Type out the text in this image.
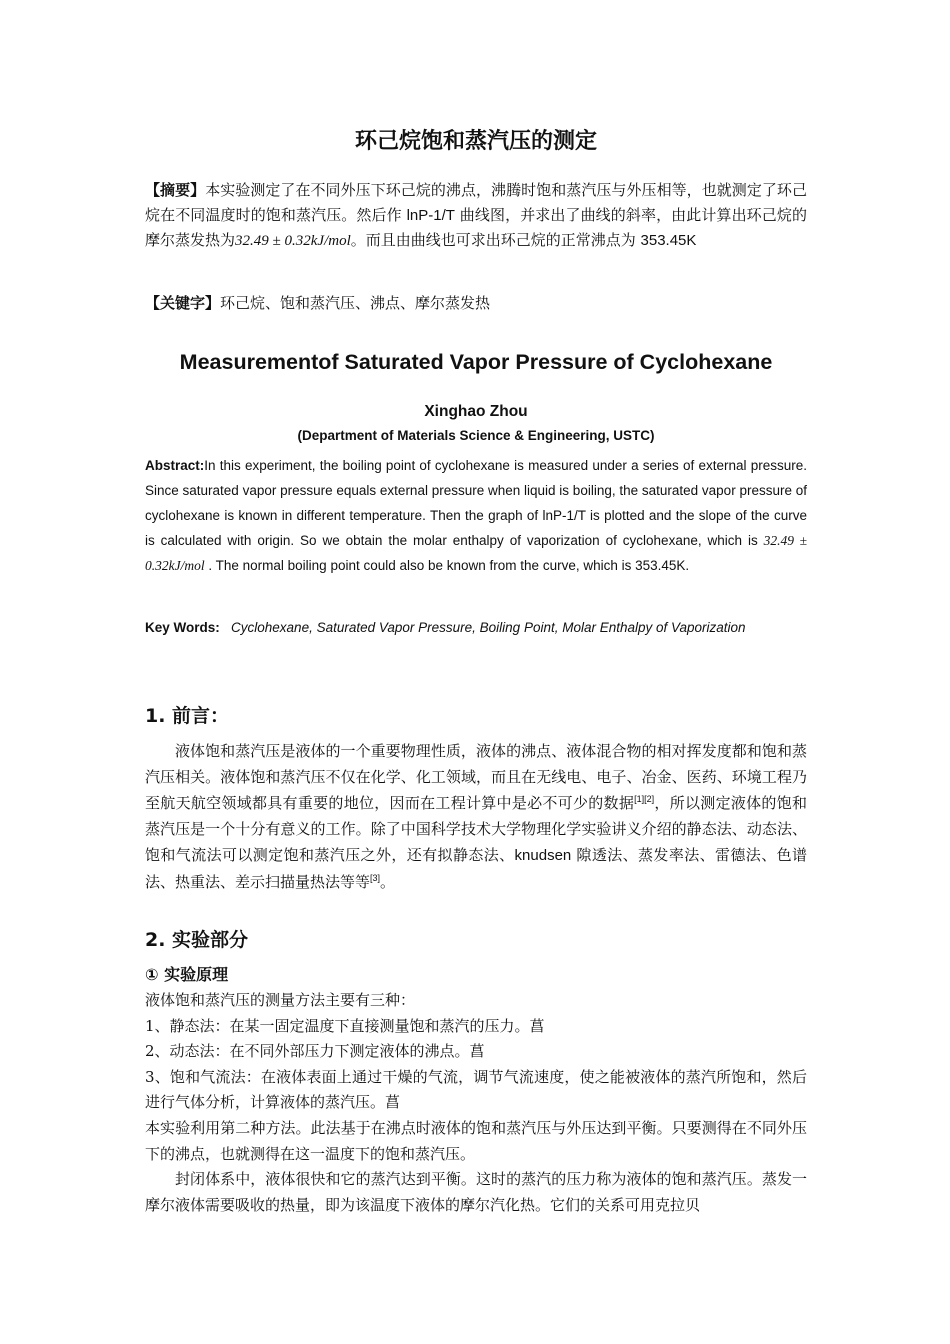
环己烷饱和蒸汽压的测定
【摘要】本实验测定了在不同外压下环己烷的沸点，沸腾时饱和蒸汽压与外压相等，也就测定了环己烷在不同温度时的饱和蒸汽压。然后作 lnP-1/T 曲线图，并求出了曲线的斜率，由此计算出环己烷的摩尔蒸发热为32.49 ± 0.32kJ/mol。而且由曲线也可求出环己烷的正常沸点为 353.45K
【关键字】环己烷、饱和蒸汽压、沸点、摩尔蒸发热
Measurementof Saturated Vapor Pressure of Cyclohexane
Xinghao Zhou
(Department of Materials Science & Engineering, USTC)
Abstract:In this experiment, the boiling point of cyclohexane is measured under a series of external pressure. Since saturated vapor pressure equals external pressure when liquid is boiling, the saturated vapor pressure of cyclohexane is known in different temperature. Then the graph of lnP-1/T is plotted and the slope of the curve is calculated with origin. So we obtain the molar enthalpy of vaporization of cyclohexane, which is 32.49 ± 0.32kJ/mol . The normal boiling point could also be known from the curve, which is 353.45K.
Key Words: Cyclohexane, Saturated Vapor Pressure, Boiling Point, Molar Enthalpy of Vaporization
1. 前言：
液体饱和蒸汽压是液体的一个重要物理性质，液体的沸点、液体混合物的相对挥发度都和饱和蒸汽压相关。液体饱和蒸汽压不仅在化学、化工领域，而且在无线电、电子、冶金、医药、环境工程乃至航天航空领域都具有重要的地位，因而在工程计算中是必不可少的数据[1][2]，所以测定液体的饱和蒸汽压是一个十分有意义的工作。除了中国科学技术大学物理化学实验讲义介绍的静态法、动态法、饱和气流法可以测定饱和蒸汽压之外，还有拟静态法、knudsen 隙透法、蒸发率法、雷德法、色谱法、热重法、差示扫描量热法等等[3]。
2. 实验部分
① 实验原理
液体饱和蒸汽压的测量方法主要有三种：
1、静态法：在某一固定温度下直接测量饱和蒸汽的压力。菖
2、动态法：在不同外部压力下测定液体的沸点。菖
3、饱和气流法：在液体表面上通过干燥的气流，调节气流速度，使之能被液体的蒸汽所饱和，然后进行气体分析，计算液体的蒸汽压。菖
本实验利用第二种方法。此法基于在沸点时液体的饱和蒸汽压与外压达到平衡。只要测得在不同外压下的沸点，也就测得在这一温度下的饱和蒸汽压。
封闭体系中，液体很快和它的蒸汽达到平衡。这时的蒸汽的压力称为液体的饱和蒸汽压。蒸发一摩尔液体需要吸收的热量，即为该温度下液体的摩尔汽化热。它们的关系可用克拉贝
